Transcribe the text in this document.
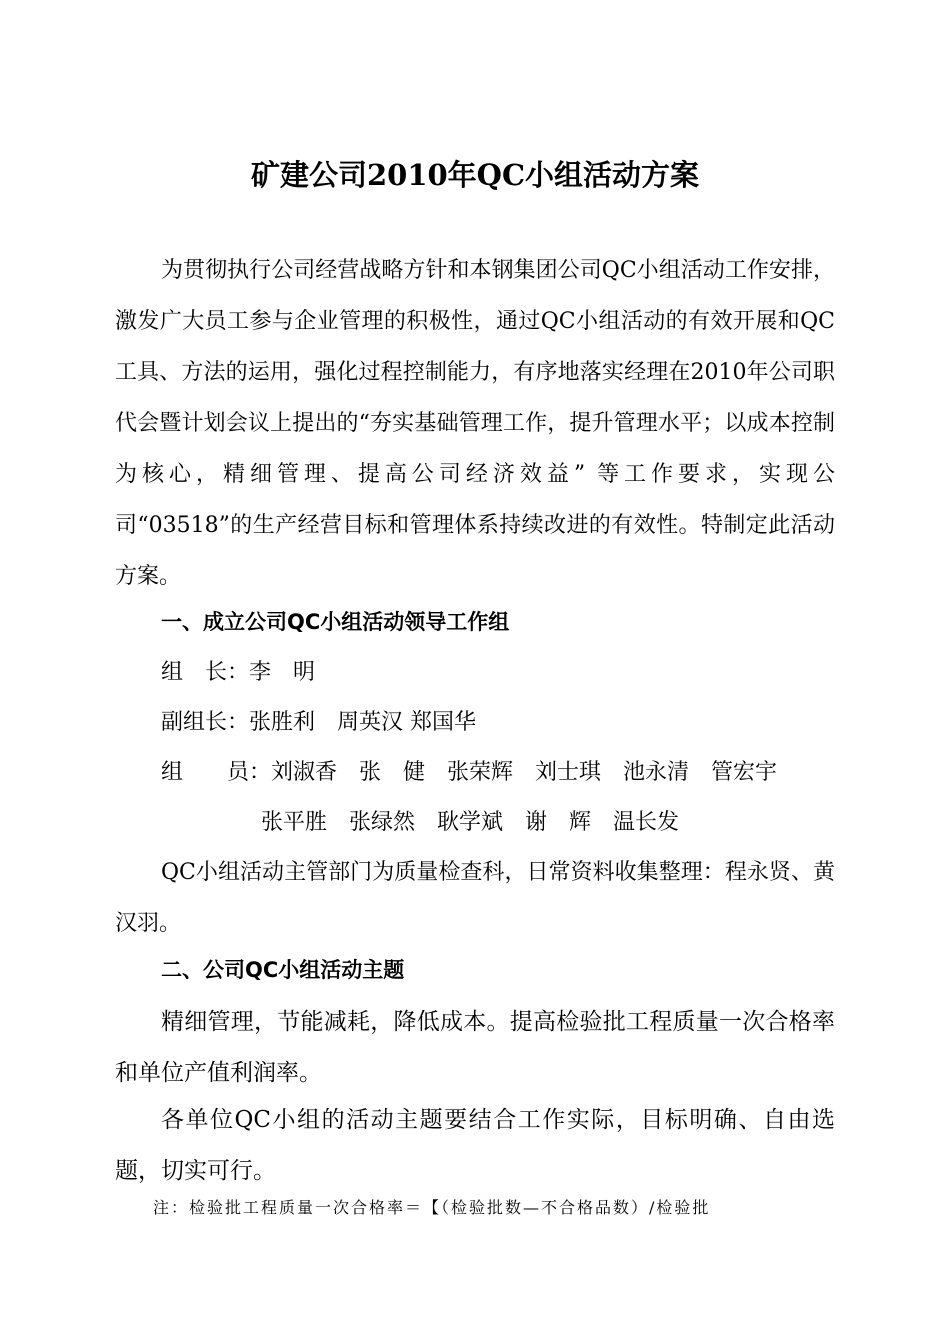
矿建公司2010年QC小组活动方案

为贯彻执行公司经营战略方针和本钢集团公司QC小组活动工作安排，激发广大员工参与企业管理的积极性，通过QC小组活动的有效开展和QC工具、方法的运用，强化过程控制能力，有序地落实经理在2010年公司职代会暨计划会议上提出的“夯实基础管理工作，提升管理水平；以成本控制为核心，精细管理、提高公司经济效益” 等工作要求，实现公司“03518”的生产经营目标和管理体系持续改进的有效性。特制定此活动方案。

一、成立公司QC小组活动领导工作组
组　长：李　明
副组长：张胜利　周英汉 郑国华
组　　员：刘淑香　张　健　张荣辉　刘士琪　池永清　管宏宇
张平胜　张绿然　耿学斌　谢　辉　温长发

QC小组活动主管部门为质量检查科，日常资料收集整理：程永贤、黄汉羽。

二、公司QC小组活动主题

精细管理，节能减耗，降低成本。提高检验批工程质量一次合格率和单位产值利润率。

各单位QC小组的活动主题要结合工作实际，目标明确、自由选题，切实可行。

注：检验批工程质量一次合格率＝【（检验批数—不合格品数）/检验批
